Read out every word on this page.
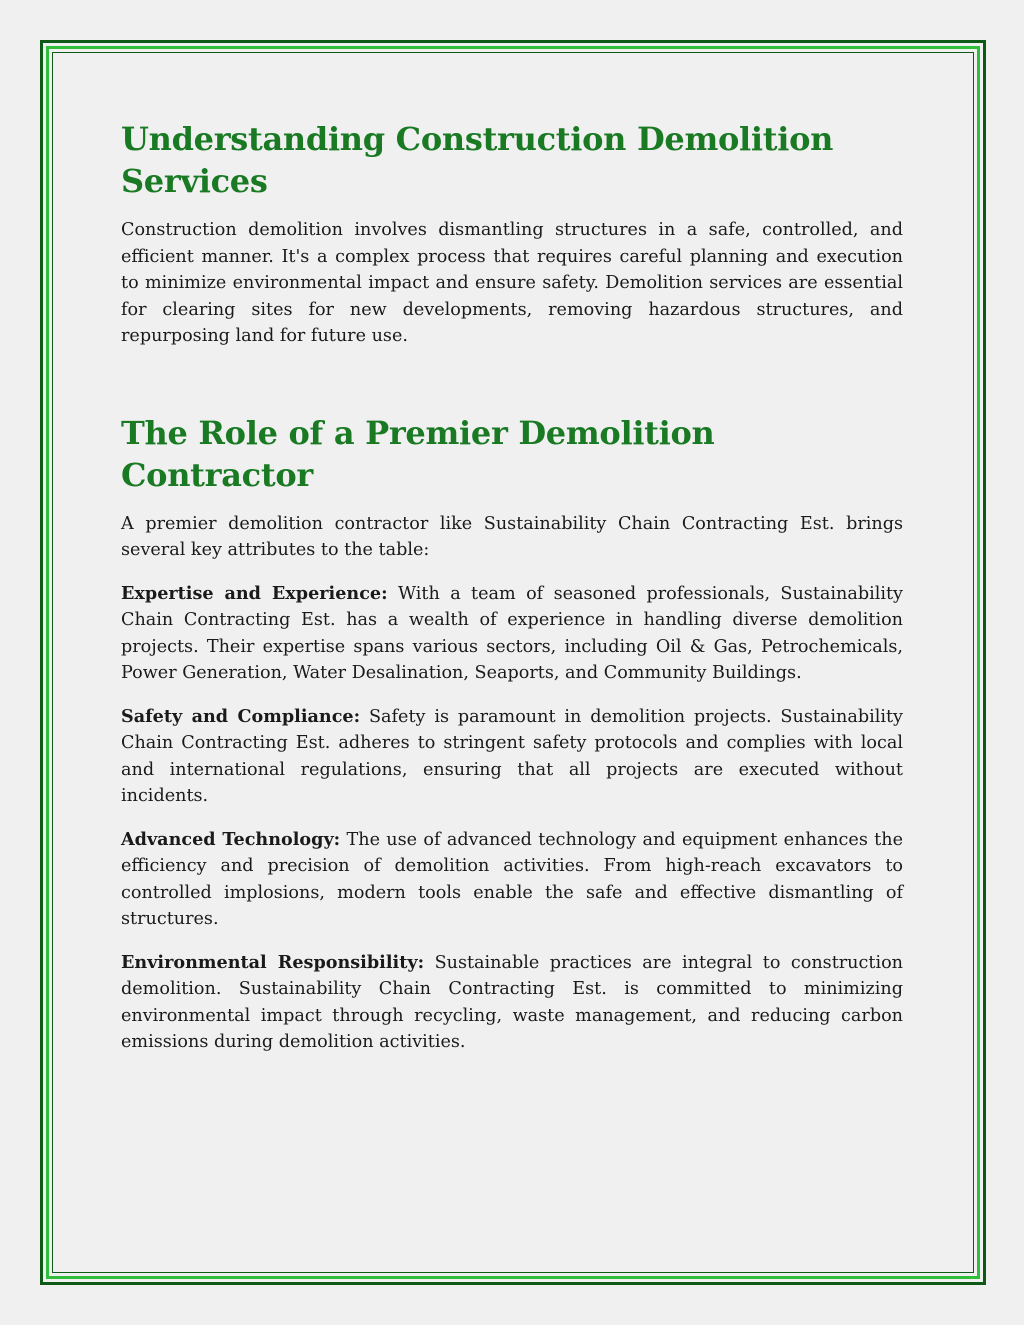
Understanding Construction Demolition Services

Construction demolition involves dismantling structures in a safe, controlled, and efficient manner. It's a complex process that requires careful planning and execution to minimize environmental impact and ensure safety. Demolition services are essential for clearing sites for new developments, removing hazardous structures, and repurposing land for future use.

The Role of a Premier Demolition Contractor

A premier demolition contractor like Sustainability Chain Contracting Est. brings several key attributes to the table:

Expertise and Experience: With a team of seasoned professionals, Sustainability Chain Contracting Est. has a wealth of experience in handling diverse demolition projects. Their expertise spans various sectors, including Oil & Gas, Petrochemicals, Power Generation, Water Desalination, Seaports, and Community Buildings.

Safety and Compliance: Safety is paramount in demolition projects. Sustainability Chain Contracting Est. adheres to stringent safety protocols and complies with local and international regulations, ensuring that all projects are executed without incidents.

Advanced Technology: The use of advanced technology and equipment enhances the efficiency and precision of demolition activities. From high-reach excavators to controlled implosions, modern tools enable the safe and effective dismantling of structures.

Environmental Responsibility: Sustainable practices are integral to construction demolition. Sustainability Chain Contracting Est. is committed to minimizing environmental impact through recycling, waste management, and reducing carbon emissions during demolition activities.
